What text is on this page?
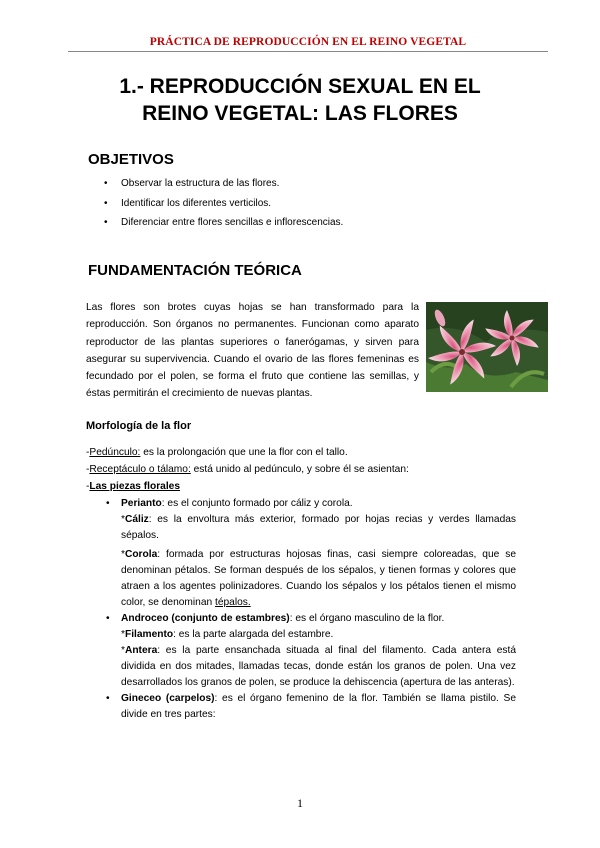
PRÁCTICA DE REPRODUCCIÓN EN EL REINO VEGETAL
1.- REPRODUCCIÓN SEXUAL EN EL
REINO VEGETAL: LAS FLORES
OBJETIVOS
• Observar la estructura de las flores.
• Identificar los diferentes verticilos.
• Diferenciar entre flores sencillas e inflorescencias.
FUNDAMENTACIÓN TEÓRICA

Las flores son brotes cuyas hojas se han transformado para la reproducción. Son órganos no permanentes. Funcionan como aparato reproductor de las plantas superiores o fanerógamas, y sirven para asegurar su supervivencia. Cuando el ovario de las flores femeninas es fecundado por el polen, se forma el fruto que contiene las semillas, y éstas permitirán el crecimiento de nuevas plantas.

Morfología de la flor

-Pedúnculo: es la prolongación que une la flor con el tallo.

-Receptáculo o tálamo: está unido al pedúnculo, y sobre él se asientan:

-Las piezas florales

• Perianto: es el conjunto formado por cáliz y corola.

*Cáliz: es la envoltura más exterior, formado por hojas recias y verdes llamadas sépalos.

*Corola: formada por estructuras hojosas finas, casi siempre coloreadas, que se denominan pétalos. Se forman después de los sépalos, y tienen formas y colores que atraen a los agentes polinizadores. Cuando los sépalos y los pétalos tienen el mismo color, se denominan tépalos.

• Androceo (conjunto de estambres): es el órgano masculino de la flor.

*Filamento: es la parte alargada del estambre.

*Antera: es la parte ensanchada situada al final del filamento. Cada antera está dividida en dos mitades, llamadas tecas, donde están los granos de polen. Una vez desarrollados los granos de polen, se produce la dehiscencia (apertura de las anteras).

• Gineceo (carpelos): es el órgano femenino de la flor. También se llama pistilo. Se divide en tres partes:

1
